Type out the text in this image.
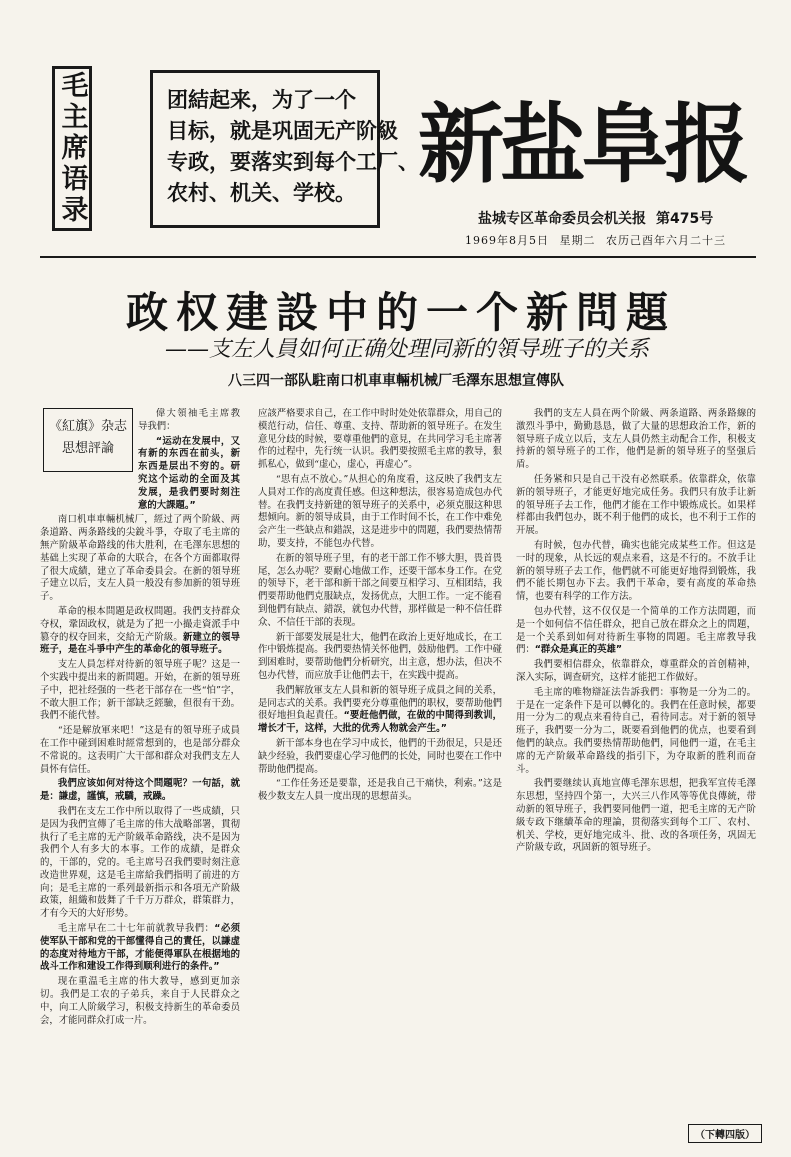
毛主席语录	团結起来，为了一个
目标，就是巩固无产阶級
专政，要落实到每个工厂、
农村、机关、学校。 新盐阜报
盐城专区革命委员会机关报 第475号
1969年8月5日 星期二 农历己酉年六月二十三
政权建設中的一个新問題
——支左人員如何正确处理同新的領导班子的关系
八三四一部队駐南口机車車輛机械厂毛澤东思想宣傳队
《紅旗》杂志
思想評論

偉大領袖毛主席教导我們：

“运动在发展中，又有新的东西在前头，新东西是层出不穷的。研究这个运动的全面及其发展，是我們要时刻注意的大課題。”

南口机車車輛机械厂，經过了两个阶級、两条道路、两条路线的尖銳斗爭，夺取了毛主席的無产阶級革命路线的伟大胜利，在毛澤东思想的基础上实现了革命的大联合，在各个方面都取得了很大成績，建立了革命委員会。在新的領导班子建立以后，支左人員一般没有参加新的領导班子。

革命的根本問題是政权問題。我們支持群众夺权，鞏固政权，就是为了把一小撮走資派手中篡夺的权夺回来，交給无产阶級。新建立的領导班子，是在斗爭中产生的革命化的領导班子。

支左人員怎样对待新的領导班子呢？这是一个实践中提出来的新問題。开始，在新的領导班子中，把社经强的一些老干部存在一些“怕”字，不敢大胆工作；新干部缺乏經驗，但很有干劲。我們不能代替。

“还是解放軍来吧！”这是有的領导班子成員在工作中碰到困难时經常想到的，也是部分群众不常说的。这表明广大干部和群众对我們支左人員怀有信任。

我們应该如何对待这个問題呢？一句話，就是：謙虚，謹慎，戒驕，戒躁。

我們在支左工作中所以取得了一些成績，只是因为我們宣傳了毛主席的伟大战略部署，貫彻执行了毛主席的无产阶級革命路线，决不是因为我們个人有多大的本事。工作的成績，是群众的，干部的，党的。毛主席号召我們要时刻注意改造世界观，这是毛主席給我們指明了前进的方向；是毛主席的一系列最新指示和各項无产阶級政策，組織和鼓舞了千千万万群众，群策群力，才有今天的大好形势。

毛主席早在二十七年前就教导我們：“必须使军队干部和党的干部懂得自己的責任，以謙虚的态度对待地方干部，才能便得軍队在根据地的战斗工作和建设工作得到顺利进行的条件。”

现在重温毛主席的伟大教导，感到更加亲切。我們是工农的子弟兵，来自于人民群众之中，向工人阶級学习，积极支持新生的革命委员会，才能同群众打成一片。

应該严格要求自己，在工作中时时处处依靠群众，用自己的模范行动，信任、尊重、支持、帮助新的領导班子。在发生意见分歧的时候，要尊重他們的意見，在共同学习毛主席著作的过程中，先行统一认识。我們要按照毛主席的教导，狠抓私心，做到“虚心，虚心，再虚心”。

“思有点不放心。”从担心的角度看，这反映了我們支左人員对工作的高度責任感。但这种想法，很容易造成包办代替。在我們支持新建的領导班子的关系中，必须克服这种思想倾向。新的領导成員，由于工作时间不长，在工作中难免会产生一些缺点和錯誤，这是进步中的問題，我們要热情帮助，要支持，不能包办代替。

在新的領导班子里，有的老干部工作不够大胆，畏首畏尾，怎么办呢？要耐心地做工作，还要干部本身工作。在党的领导下，老干部和新干部之间要互相学习、互相团结，我們要帮助他們克服缺点，发扬优点，大胆工作。一定不能看到他們有缺点、錯誤，就包办代替，那样做是一种不信任群众、不信任干部的表现。

新干部要发展是壮大，他們在政治上更好地成长，在工作中锻炼提高。我們要热情关怀他們，鼓励他們。工作中碰到困难时，要帮助他們分析研究，出主意，想办法，但决不包办代替，而应放手让他們去干，在实践中提高。

我們解放軍支左人員和新的領导班子成員之间的关系，是同志式的关系。我們要充分尊重他們的职权，要帮助他們很好地担負起責任。“要赶他們做，在做的中間得到教训，增长才干，这样，大批的优秀人物就会产生。”

新干部本身也在学习中成长，他們的干劲很足，只是还缺少经验，我們要虚心学习他們的长处，同时也要在工作中帮助他們提高。

“工作任务还是要靠，还是我自己干痛快，利索。”这是极少数支左人員一度出现的思想苗头。

我們的支左人員在两个阶級、两条道路、两条路線的激烈斗爭中，勤勤恳恳，做了大量的思想政治工作，新的領导班子成立以后，支左人員仍然主动配合工作，积极支持新的領导班子的工作，他們是新的領导班子的坚强后盾。

任务紧和只是自己干没有必然联系。依靠群众，依靠新的領导班子，才能更好地完成任务。我們只有放手让新的領导班子去工作，他們才能在工作中锻炼成长。如果样样都由我們包办，既不利于他們的成长，也不利于工作的开展。

有时候，包办代替，确实也能完成某些工作。但这是一时的现象，从长远的观点来看，这是不行的。不放手让新的領导班子去工作，他們就不可能更好地得到锻炼，我們不能长期包办下去。我們干革命，要有高度的革命热情，也要有科学的工作方法。

包办代替，这不仅仅是一个简单的工作方法問題，而是一个如何信不信任群众，把自己放在群众之上的問題，是一个关系到如何对待新生事物的問題。毛主席教导我們：“群众是真正的英雄”

我們要相信群众，依靠群众，尊重群众的首创精神，深入实际，调查研究，这样才能把工作做好。

毛主席的唯物辯証法告訴我們：事物是一分为二的。于是在一定条件下是可以轉化的。我們在任意时候，都要用一分为二的观点来看待自己，看待同志。对于新的領导班子，我們要一分为二，既要看到他們的优点，也要看到他們的缺点。我們要热情帮助他們，同他們一道，在毛主席的无产阶級革命路线的指引下，为夺取新的胜利而奋斗。

我們要继续认真地宣傳毛澤东思想，把我军宣传毛澤东思想，坚持四个第一，大兴三八作风等等优良傳統，带动新的領导班子，我們要同他們一道，把毛主席的无产阶級专政下继續革命的理論，贯彻落实到每个工厂、农村、机关、学校，更好地完成斗、批、改的各项任务，巩固无产阶級专政，巩固新的領导班子。

（下轉四版）
